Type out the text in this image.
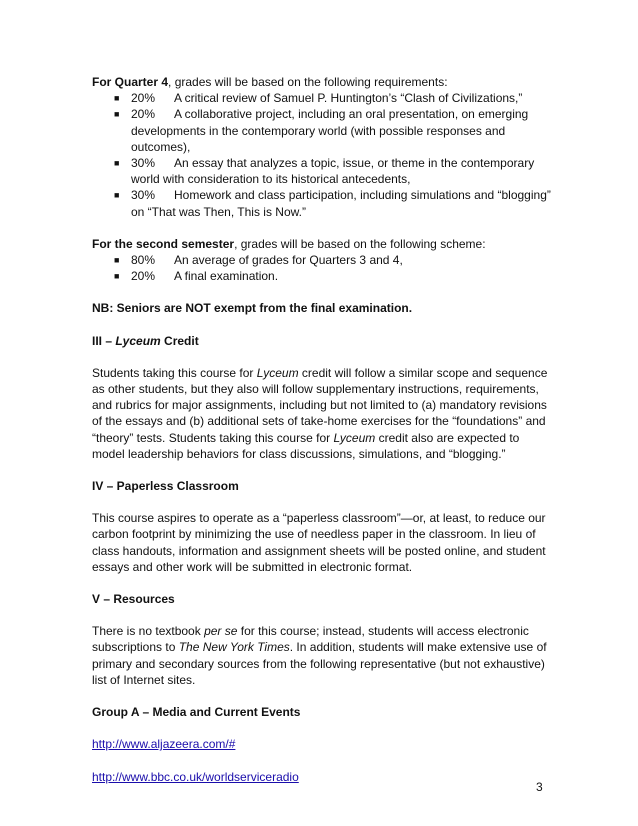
For Quarter 4, grades will be based on the following requirements:
■ 20% A critical review of Samuel P. Huntington’s “Clash of Civilizations,”
■ 20% A collaborative project, including an oral presentation, on emerging developments in the contemporary world (with possible responses and outcomes),
■ 30% An essay that analyzes a topic, issue, or theme in the contemporary world with consideration to its historical antecedents,
■ 30% Homework and class participation, including simulations and “blogging” on “That was Then, This is Now.”
For the second semester, grades will be based on the following scheme:
■ 80% An average of grades for Quarters 3 and 4,
■ 20% A final examination.
NB: Seniors are NOT exempt from the final examination.
III – Lyceum Credit
Students taking this course for Lyceum credit will follow a similar scope and sequence as other students, but they also will follow supplementary instructions, requirements, and rubrics for major assignments, including but not limited to (a) mandatory revisions of the essays and (b) additional sets of take-home exercises for the “foundations” and “theory” tests. Students taking this course for Lyceum credit also are expected to model leadership behaviors for class discussions, simulations, and “blogging.”
IV – Paperless Classroom
This course aspires to operate as a “paperless classroom”—or, at least, to reduce our carbon footprint by minimizing the use of needless paper in the classroom. In lieu of class handouts, information and assignment sheets will be posted online, and student essays and other work will be submitted in electronic format.
V – Resources
There is no textbook per se for this course; instead, students will access electronic subscriptions to The New York Times. In addition, students will make extensive use of primary and secondary sources from the following representative (but not exhaustive) list of Internet sites.
Group A – Media and Current Events
http://www.aljazeera.com/#
http://www.bbc.co.uk/worldserviceradio
3
